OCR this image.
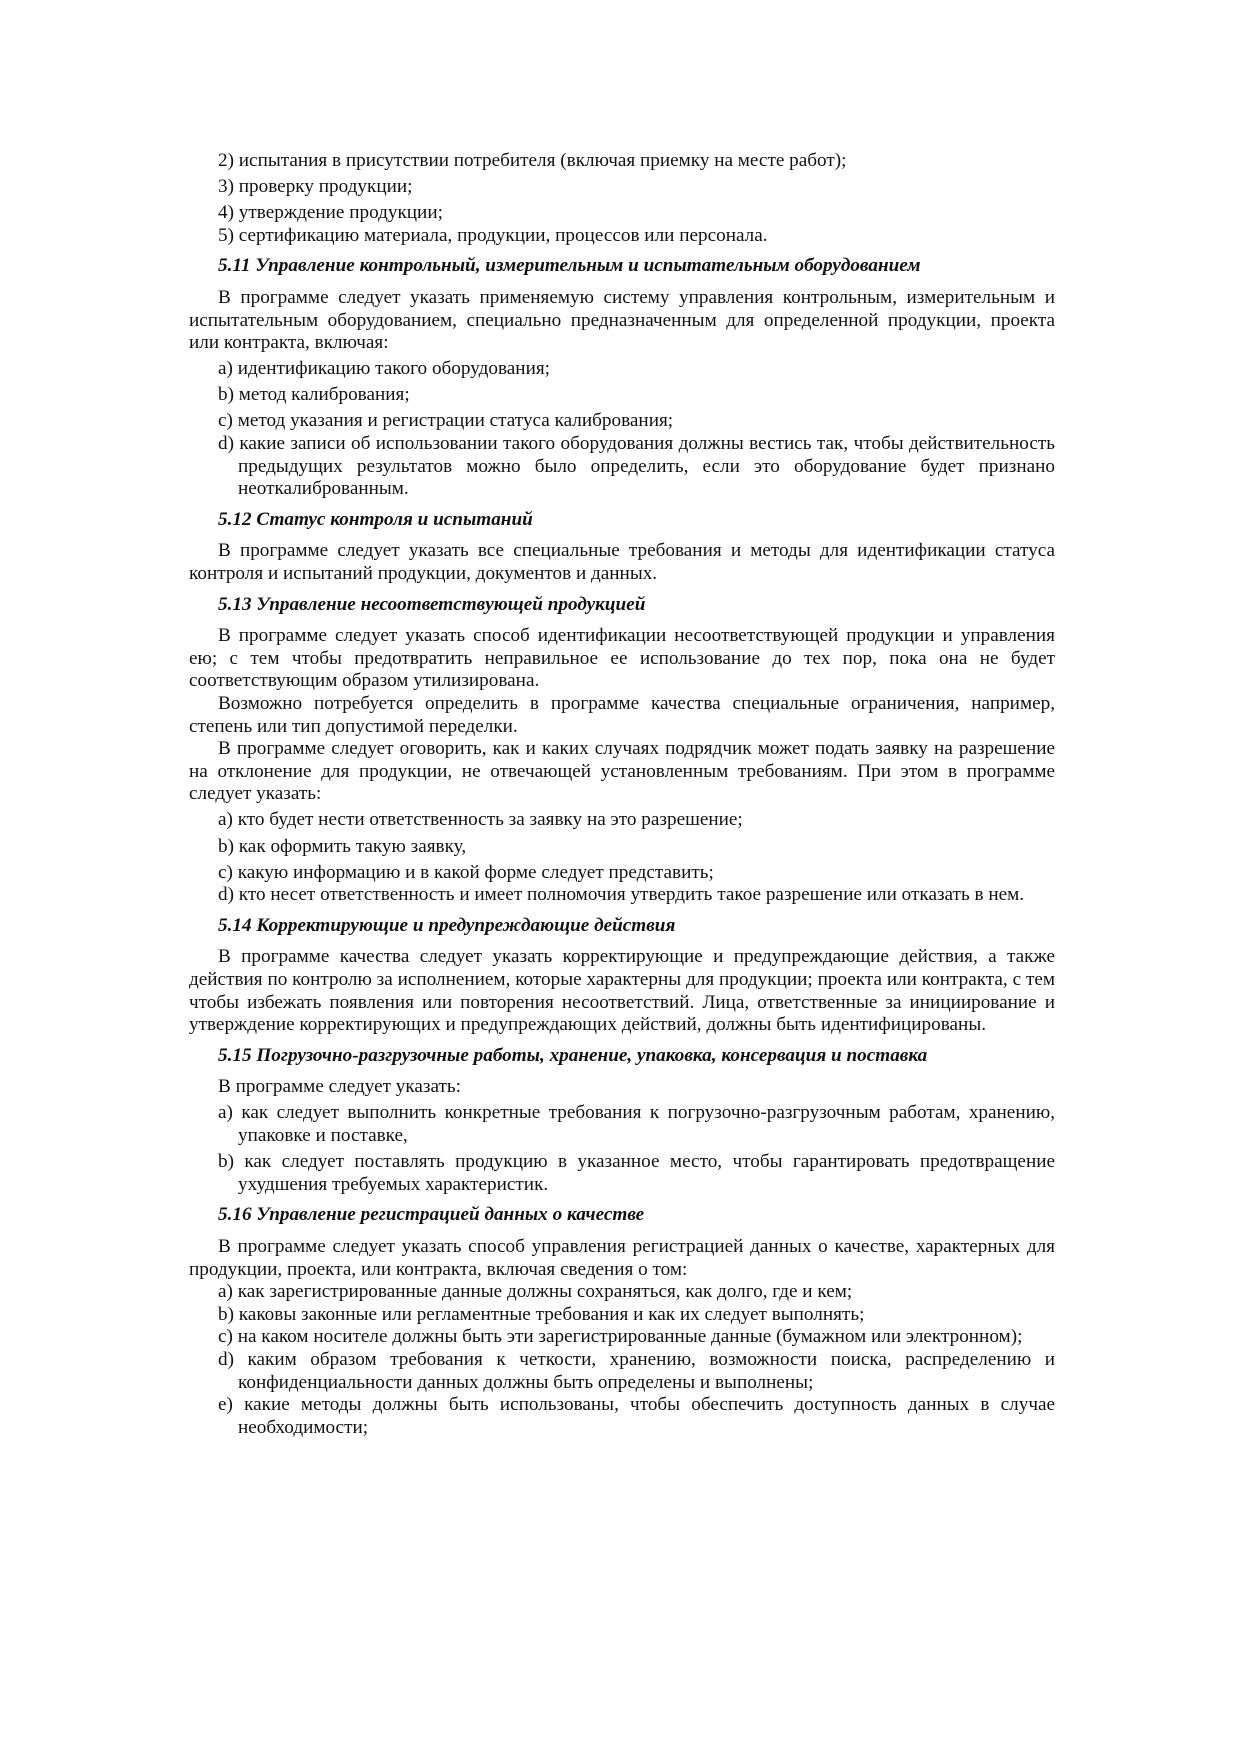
2) испытания в присутствии потребителя (включая приемку на месте работ);

3) проверку продукции;

4) утверждение продукции;

5) сертификацию материала, продукции, процессов или персонала.

5.11 Управление контрольный, измерительным и испытательным оборудованием

В программе следует указать применяемую систему управления контрольным, измерительным и испытательным оборудованием, специально предназначенным для определенной продукции, проекта или контракта, включая:

a) идентификацию такого оборудования;

b) метод калибрования;

c) метод указания и регистрации статуса калибрования;

d) какие записи об использовании такого оборудования должны вестись так, чтобы действительность предыдущих результатов можно было определить, если это оборудование будет признано неоткалиброванным.

5.12 Статус контроля и испытаний

В программе следует указать все специальные требования и методы для идентификации статуса контроля и испытаний продукции, документов и данных.

5.13 Управление несоответствующей продукцией

В программе следует указать способ идентификации несоответствующей продукции и управления ею; с тем чтобы предотвратить неправильное ее использование до тех пор, пока она не будет соответствующим образом утилизирована.

Возможно потребуется определить в программе качества специальные ограничения, например, степень или тип допустимой переделки.

В программе следует оговорить, как и каких случаях подрядчик может подать заявку на разрешение на отклонение для продукции, не отвечающей установленным требованиям. При этом в программе следует указать:

a) кто будет нести ответственность за заявку на это разрешение;

b) как оформить такую заявку,

c) какую информацию и в какой форме следует представить;

d) кто несет ответственность и имеет полномочия утвердить такое разрешение или отказать в нем.

5.14 Корректирующие и предупреждающие действия

В программе качества следует указать корректирующие и предупреждающие действия, а также действия по контролю за исполнением, которые характерны для продукции; проекта или контракта, с тем чтобы избежать появления или повторения несоответствий. Лица, ответственные за инициирование и утверждение корректирующих и предупреждающих действий, должны быть идентифицированы.

5.15 Погрузочно-разгрузочные работы, хранение, упаковка, консервация и поставка

В программе следует указать:

a) как следует выполнить конкретные требования к погрузочно-разгрузочным работам, хранению, упаковке и поставке,

b) как следует поставлять продукцию в указанное место, чтобы гарантировать предотвращение ухудшения требуемых характеристик.

5.16 Управление регистрацией данных о качестве

В программе следует указать способ управления регистрацией данных о качестве, характерных для продукции, проекта, или контракта, включая сведения о том:

a) как зарегистрированные данные должны сохраняться, как долго, где и кем;

b) каковы законные или регламентные требования и как их следует выполнять;

c) на каком носителе должны быть эти зарегистрированные данные (бумажном или электронном);

d) каким образом требования к четкости, хранению, возможности поиска, распределению и конфиденциальности данных должны быть определены и выполнены;

e) какие методы должны быть использованы, чтобы обеспечить доступность данных в случае необходимости;
